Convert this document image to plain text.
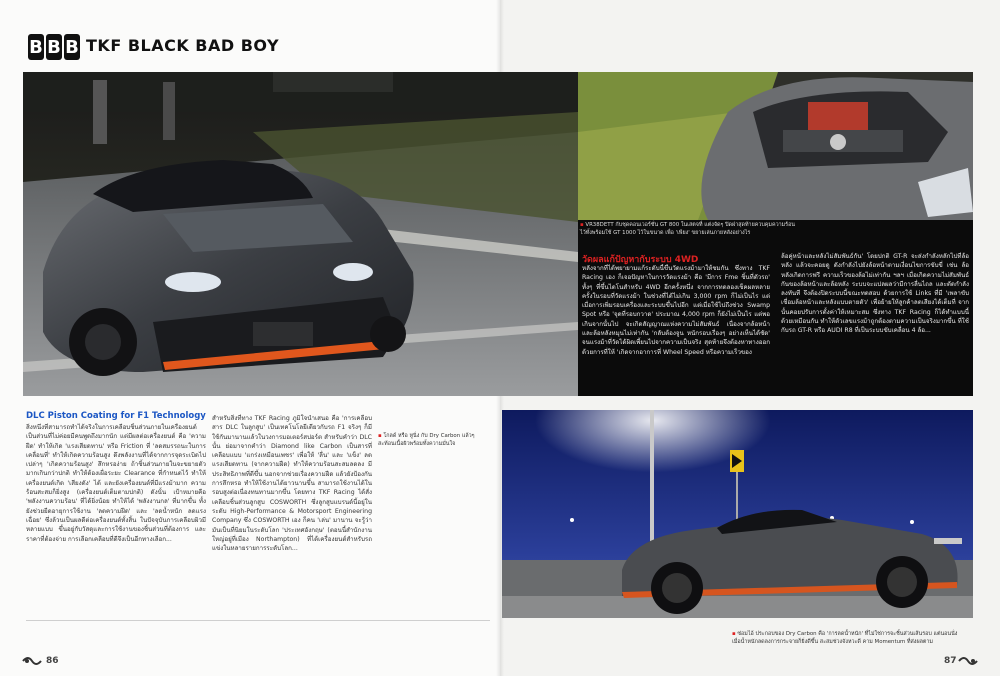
B B B TKF BLACK BAD BOY

▪ VR38DETT กับชุดคอนเวอร์ชั่น GT 800 ในเสตจที่ แต่งจัดๆ ปิดฝาสุดท้ายควบคุมความร้อน
ไว้ทั้งพร้อมใช้ GT 1000 ไว้ในขนาด เพื่อ 'เพียง' ขยายเล่นภายหลังอย่างไร

วัดผลแก้ปัญหากับระบบ 4WD
หลังจากที่ได้พยายามแก้ระดับนี้ขึ้นวัดแรงม้ามาให้ชมกัน ซึ่งทาง TKF Racing เอง ก็เจอปัญหาในการวัดแรงม้า คือ 'มีการ Fme ชิ้นที่ตัวรถ' ทั้งๆ ที่ขึ้นไดโนสำหรับ 4WD อีกครั้งหนึ่ง จากการทดลองเช็คผลหลายครั้งในรอบที่วัดแรงม้า ในช่วงที่ได้ไม่เกิน 3,000 rpm ก็ไม่เป็นไร แต่เมื่อการเพิ่มรอบเครื่องและระบบขึ้นไปอีก แต่เมื่อใช้ไปถึงช่วง Swamp Spot หรือ 'จุดที่รอบกวาด' ประมาณ 4,000 rpm ก็ยังไม่เป็นไร แต่พอเกินจากนั้นไป จะเกิดสัญญาณแห่งความไม่สัมพันธ์ เนื่องจากล้อหน้าและล้อหลังหมุนไม่เท่ากัน 'กลับต้องจูน หนักรอบเรื่องๆ อย่างเห็นได้ชัด' จนแรงม้าที่วัดได้ผิดเพี้ยนไปจากความเป็นจริง สุดท้ายจึงต้องหาทางออกด้วยการที่ให้ 'เกิดจากอาการที่ Wheel Speed หรือความเร็วของ
ล้อคู่หน้าและหลังไม่สัมพันธ์กัน' โดยปกติ GT-R จะส่งกำลังหลักไปที่ล้อหลัง แล้วจะคอยดู ดังกำลังไปยังล้อหน้าตามเงื่อนไขการขับขี่ เช่น ล้อหลังเกิดการฟรี ความเร็วของล้อไม่เท่ากัน ฯลฯ เมื่อเกิดความไม่สัมพันธ์กันของล้อหน้าและล้อหลัง ระบบจะแปลผลว่ามีการลื่นไถล และตัดกำลังลงทันที จึงต้องปิดระบบนี้ขณะทดสอบ ด้วยการใช้ Links ที่มี 'เพลาขับเชื่อมล้อหน้าและหลังแบบตายตัว' เพื่อย้ายให้ลูกค้าลดเสียงได้เต็มที่ จากนั้นคอยปรับการตั้งค่าให้เหมาะสม ซึ่งทาง TKF Racing ก็ได้ทำแบบนี้ด้วยเหมือนกัน ทำให้ตัวเลขแรงม้าถูกต้องตามความเป็นจริงมากขึ้น ที่ใช้กับรถ GT-R หรือ AUDI R8 ที่เป็นระบบขับเคลื่อน 4 ล้อ...
DLC Piston Coating for F1 Technology
สิ่งหนึ่งที่สามารถทำได้จริงในการเคลือบชิ้นส่วนภายในเครื่องยนต์ เป็นส่วนที่ไม่ค่อยมีคนพูดถึงมากนัก แต่มีผลต่อเครื่องยนต์ คือ 'ความฝืด' ทำให้เกิด 'แรงเสียดทาน' หรือ Friction ที่ 'ลดสมรรถนะในการเคลื่อนที่' ทำให้เกิดความร้อนสูง ดึงพลังงานที่ได้จากการจุดระเบิดไปเปล่าๆ 'เกิดความร้อนสูง' สึกหรอง่าย ถ้าชิ้นส่วนภายในจะขยายตัวมากเกินกว่าปกติ ทำให้ต้องเผื่อระยะ Clearance ที่กำหนดไว้ ทำให้เครื่องยนต์เกิด 'เสียงดัง' ได้ และยังเครื่องยนต์ที่มีแรงม้ามาก ความร้อนสะสมก็ยิ่งสูง (เครื่องยนต์เต็มตามปกติ) ดังนั้น เป้าหมายคือ 'พลังงานความร้อน' ที่ได้ยิ่งน้อย ทำให้ได้ 'พลังงานกล' ที่มากขึ้น ทั้งยังช่วยยืดอายุการใช้งาน 'ลดความฝืด' และ 'ลดน้ำหนัก ลดแรงเฉื่อย' ซึ่งล้วนเป็นผลดีต่อเครื่องยนต์ทั้งสิ้น ในปัจจุบันการเคลือบผิวมีหลายแบบ ขึ้นอยู่กับวัสดุและการใช้งานของชิ้นส่วนที่ต้องการ และราคาที่ต้องจ่าย การเลือกเคลือบที่ดีจึงเป็นอีกทางเลือก...
สำหรับสิ่งที่ทาง TKF Racing ภูมิใจนำเสนอ คือ 'การเคลือบสาร DLC ในลูกสูบ' เป็นเทคโนโลยีเดียวกับรถ F1 จริงๆ ก็มีใช้กันมานานแล้วในวงการมอเตอร์สปอร์ต สำหรับคำว่า DLC นั้น ย่อมาจากคำว่า Diamond like Carbon เป็นสารที่เคลือบแบบ 'แกร่งเหมือนเพชร' เพื่อให้ 'ลื่น' และ 'แข็ง' ลดแรงเสียดทาน (จากความฝืด) ทำให้ความร้อนสะสมลดลง มีประสิทธิภาพที่ดีขึ้น นอกจากช่วยเรื่องความฝืด แล้วยังป้องกันการสึกหรอ ทำให้ใช้งานได้ยาวนานขึ้น สามารถใช้งานได้ในรอบสูงต่อเนื่องทนทานมากขึ้น โดยทาง TKF Racing ได้สั่งเคลือบชิ้นส่วนลูกสูบ COSWORTH ซึ่งลูกสูบแบรนด์นี้อยู่ในระดับ High-Performance & Motorsport Engineering Company ซึ่ง COSWORTH เอง ก็คน 'เล่น' มานาน จะรู้ว่ามันเป็นที่นิยมในระดับโลก 'ประเทศอังกฤษ' (ตอนนี้สำนักงานใหญ่อยู่ที่เมือง Northampton) ที่ได้เครื่องยนต์สำหรับรถแข่งในหลายรายการระดับโลก...

▪ โกลด์ หรือ หูนิ่ง กับ Dry Carbon แล้วๆ
สะท้อนเนื้อผิวพร้อมทั้งความมั่นใจ

▪ ซ่อมไอ้ ประกอบของ Dry Carbon คือ 'การลดน้ำหนัก' ที่ไม่ใช่การจะชิ้นส่วนเส้นรอบ แต่นอนนั่ง
เมื่อน้ำหนักลดลงการกระจายก็ยิ่งดีขึ้น สะสมช่วงจังหวะดี คาม Momentum ที่ส่งผลตาม

86	87
